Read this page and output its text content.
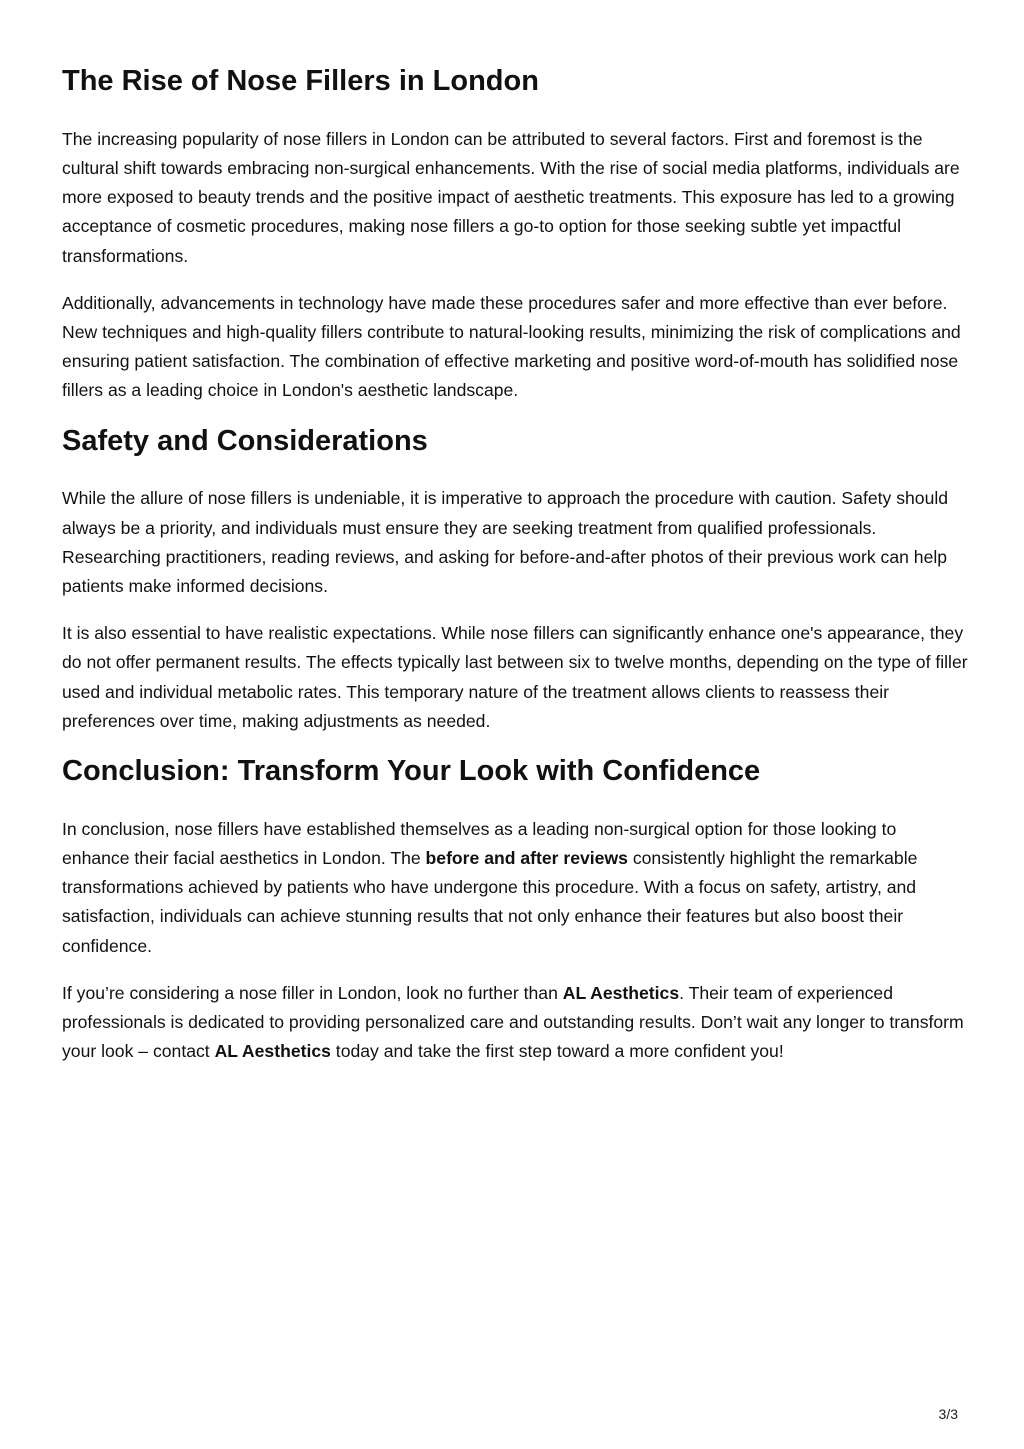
The Rise of Nose Fillers in London

The increasing popularity of nose fillers in London can be attributed to several factors. First and foremost is the cultural shift towards embracing non-surgical enhancements. With the rise of social media platforms, individuals are more exposed to beauty trends and the positive impact of aesthetic treatments. This exposure has led to a growing acceptance of cosmetic procedures, making nose fillers a go-to option for those seeking subtle yet impactful transformations.

Additionally, advancements in technology have made these procedures safer and more effective than ever before. New techniques and high-quality fillers contribute to natural-looking results, minimizing the risk of complications and ensuring patient satisfaction. The combination of effective marketing and positive word-of-mouth has solidified nose fillers as a leading choice in London's aesthetic landscape.

Safety and Considerations

While the allure of nose fillers is undeniable, it is imperative to approach the procedure with caution. Safety should always be a priority, and individuals must ensure they are seeking treatment from qualified professionals. Researching practitioners, reading reviews, and asking for before-and-after photos of their previous work can help patients make informed decisions.

It is also essential to have realistic expectations. While nose fillers can significantly enhance one's appearance, they do not offer permanent results. The effects typically last between six to twelve months, depending on the type of filler used and individual metabolic rates. This temporary nature of the treatment allows clients to reassess their preferences over time, making adjustments as needed.

Conclusion: Transform Your Look with Confidence

In conclusion, nose fillers have established themselves as a leading non-surgical option for those looking to enhance their facial aesthetics in London. The before and after reviews consistently highlight the remarkable transformations achieved by patients who have undergone this procedure. With a focus on safety, artistry, and satisfaction, individuals can achieve stunning results that not only enhance their features but also boost their confidence.

If you’re considering a nose filler in London, look no further than AL Aesthetics. Their team of experienced professionals is dedicated to providing personalized care and outstanding results. Don’t wait any longer to transform your look – contact AL Aesthetics today and take the first step toward a more confident you!

3/3
